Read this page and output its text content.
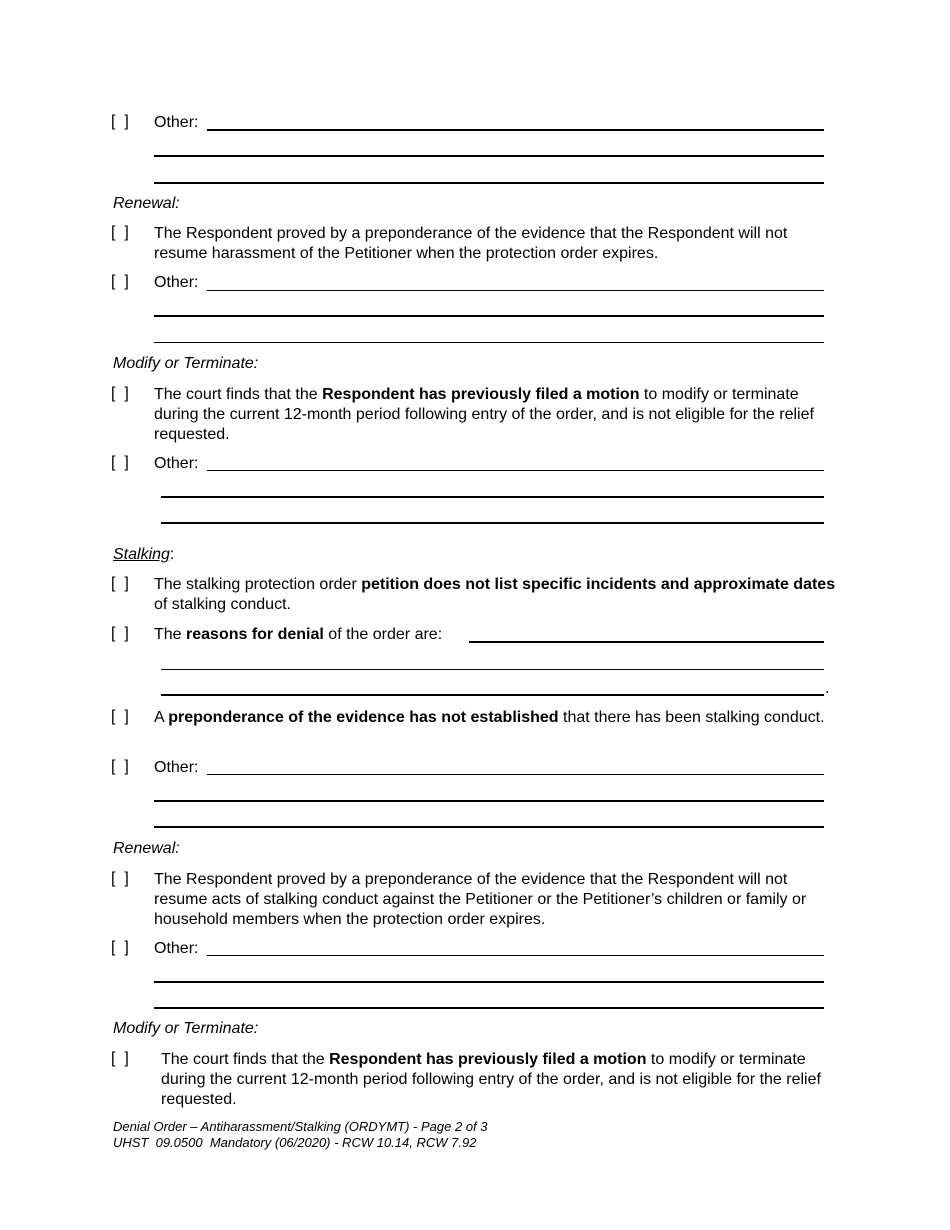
[  ]	Other:
Renewal:
[  ]	The Respondent proved by a preponderance of the evidence that the Respondent will not resume harassment of the Petitioner when the protection order expires.
[  ]	Other:
Modify or Terminate:
[  ]	The court finds that the Respondent has previously filed a motion to modify or terminate during the current 12-month period following entry of the order, and is not eligible for the relief requested.
[  ]	Other:
Stalking:
[  ]	The stalking protection order petition does not list specific incidents and approximate dates of stalking conduct.
[  ]	The reasons for denial of the order are:
.
[  ]	A preponderance of the evidence has not established that there has been stalking conduct.
[  ]	Other:
Renewal:
[  ]	The Respondent proved by a preponderance of the evidence that the Respondent will not resume acts of stalking conduct against the Petitioner or the Petitioner’s children or family or household members when the protection order expires.
[  ]	Other:
Modify or Terminate:
[  ]	The court finds that the Respondent has previously filed a motion to modify or terminate during the current 12-month period following entry of the order, and is not eligible for the relief requested.
Denial Order – Antiharassment/Stalking (ORDYMT) - Page 2 of 3
UHST  09.0500  Mandatory (06/2020) - RCW 10.14, RCW 7.92
